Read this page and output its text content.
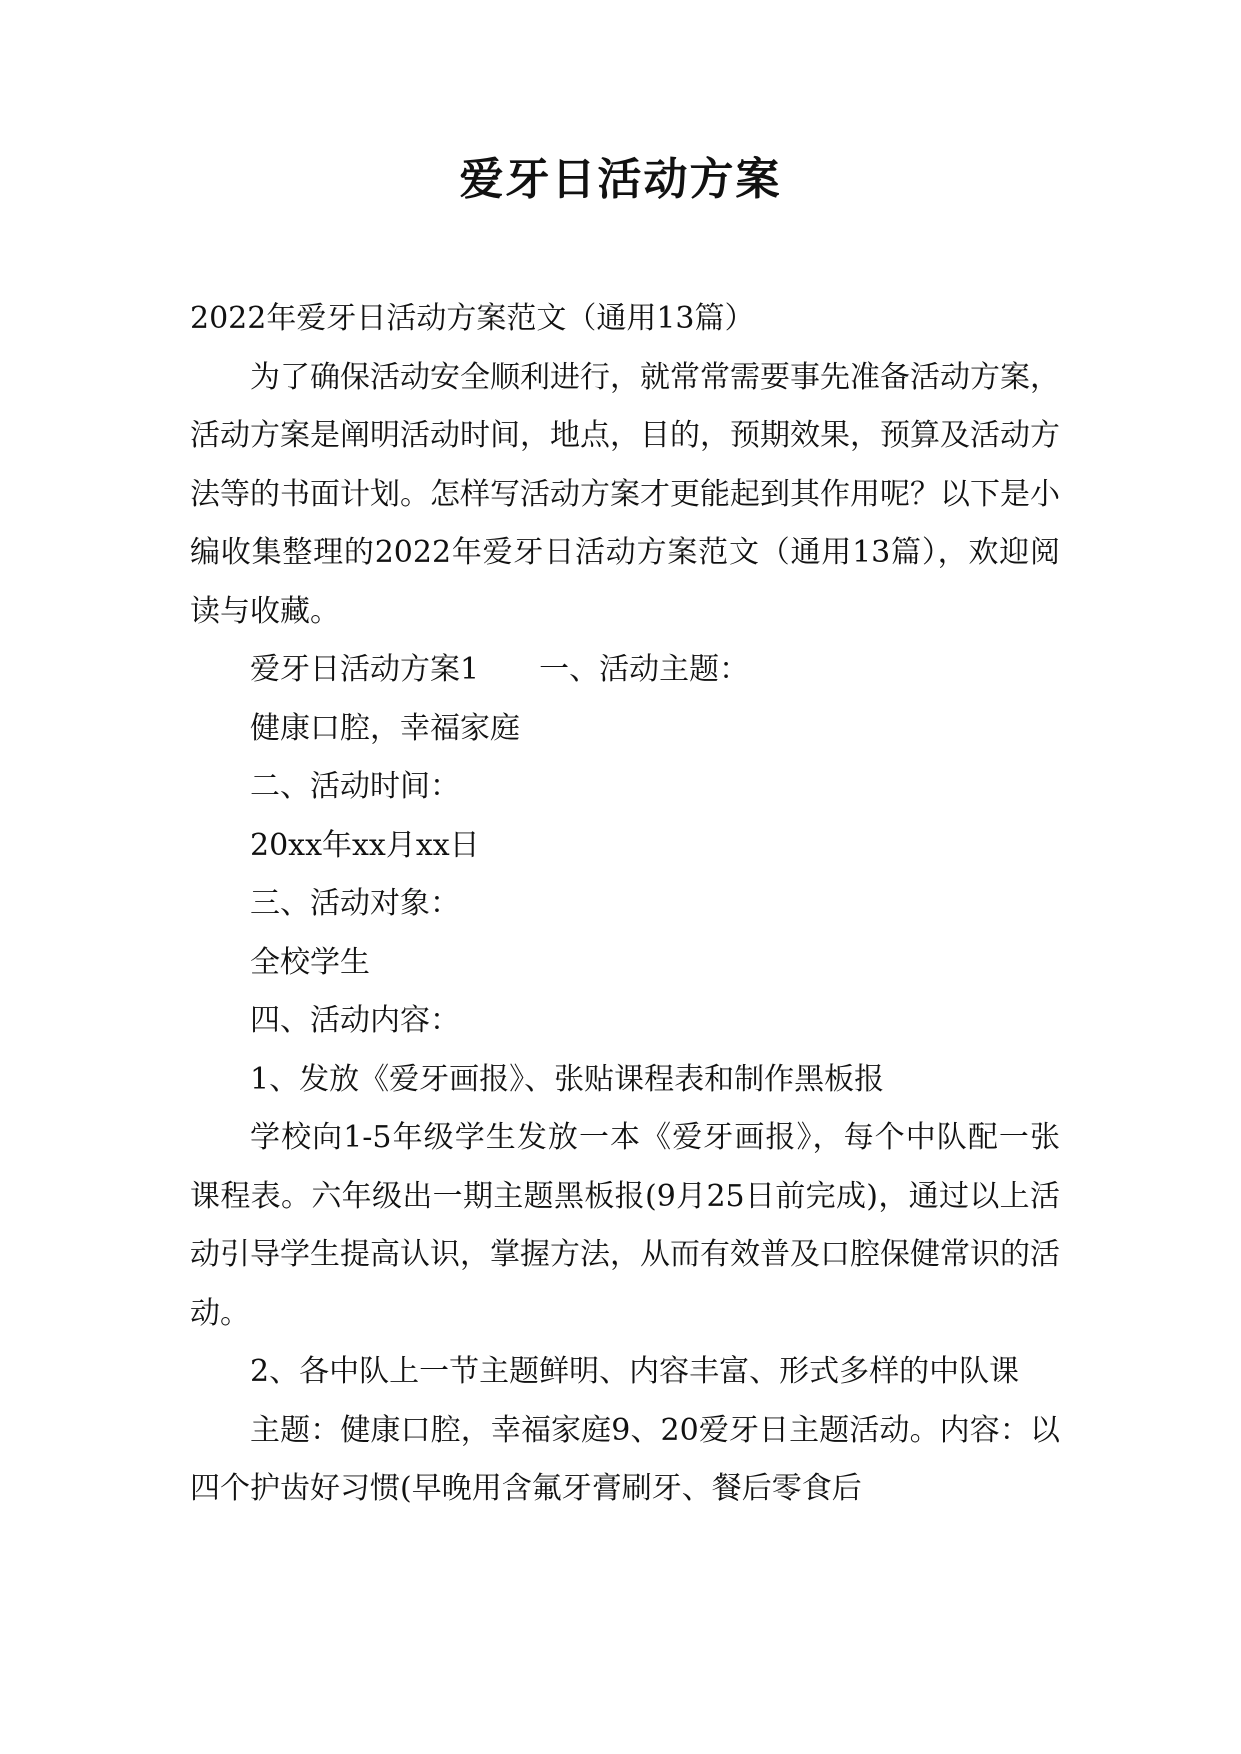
爱牙日活动方案

2022年爱牙日活动方案范文（通用13篇）

为了确保活动安全顺利进行，就常常需要事先准备活动方案，活动方案是阐明活动时间，地点，目的，预期效果，预算及活动方法等的书面计划。怎样写活动方案才更能起到其作用呢？以下是小编收集整理的2022年爱牙日活动方案范文（通用13篇），欢迎阅读与收藏。

爱牙日活动方案1　　一、活动主题：

健康口腔，幸福家庭

二、活动时间：

20xx年xx月xx日

三、活动对象：

全校学生

四、活动内容：

1、发放《爱牙画报》、张贴课程表和制作黑板报

学校向1-5年级学生发放一本《爱牙画报》，每个中队配一张课程表。六年级出一期主题黑板报(9月25日前完成)，通过以上活动引导学生提高认识，掌握方法，从而有效普及口腔保健常识的活动。

2、各中队上一节主题鲜明、内容丰富、形式多样的中队课

主题：健康口腔，幸福家庭9、20爱牙日主题活动。内容：以四个护齿好习惯(早晚用含氟牙膏刷牙、餐后零食后
